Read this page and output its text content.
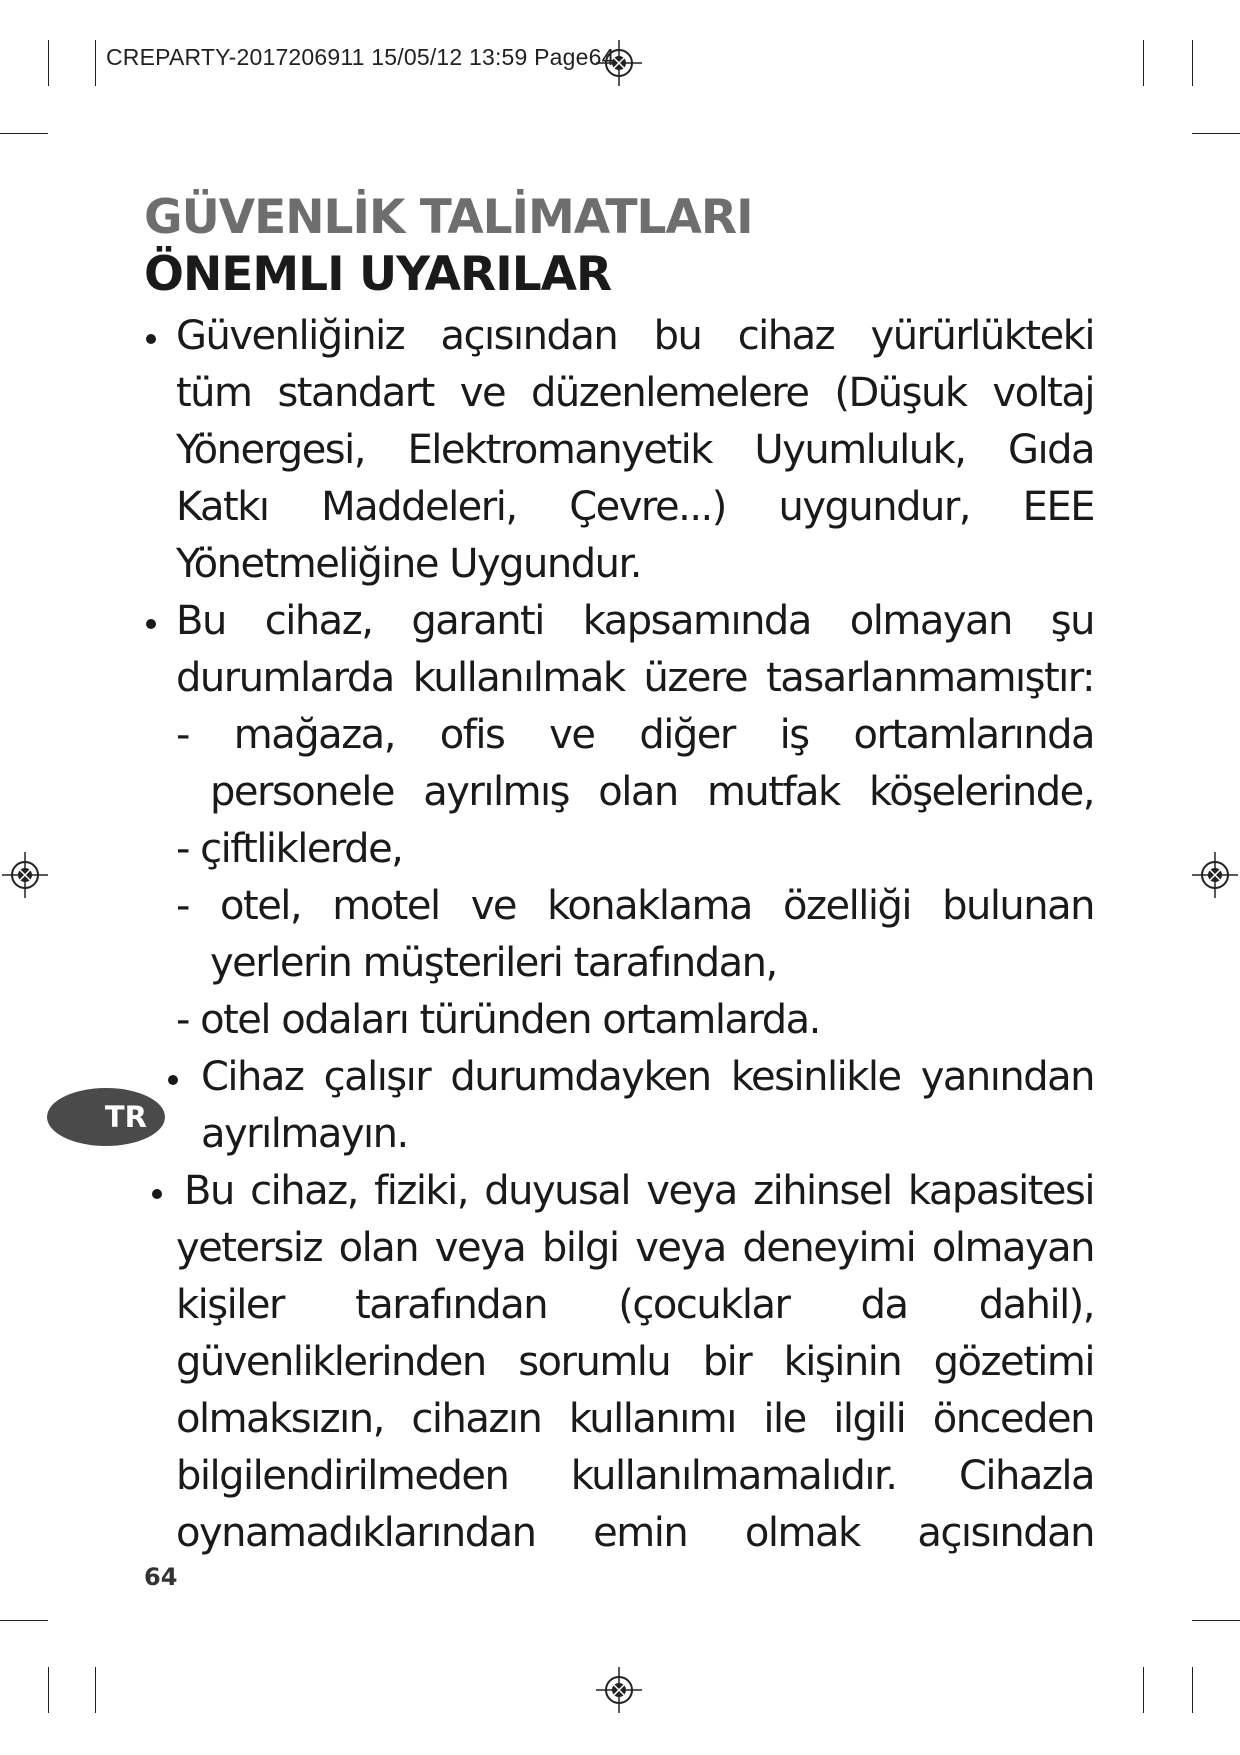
CREPARTY-2017206911 15/05/12 13:59 Page64
GÜVENLİK TALİMATLARI
ÖNEMLI UYARILAR
Güvenliğiniz açısından bu cihaz yürürlükteki
tüm standart ve düzenlemelere (Düşuk voltaj
Yönergesi, Elektromanyetik Uyumluluk, Gıda
Katkı Maddeleri, Çevre...) uygundur, EEE
Yönetmeliğine Uygundur.
Bu cihaz, garanti kapsamında olmayan şu
durumlarda kullanılmak üzere tasarlanmamıştır:
- mağaza, ofis ve diğer iş ortamlarında
personele ayrılmış olan mutfak köşelerinde,
- çiftliklerde,
- otel, motel ve konaklama özelliği bulunan
yerlerin müşterileri tarafından,
- otel odaları türünden ortamlarda.
Cihaz çalışır durumdayken kesinlikle yanından
ayrılmayın.
Bu cihaz, fiziki, duyusal veya zihinsel kapasitesi
yetersiz olan veya bilgi veya deneyimi olmayan
kişiler tarafından (çocuklar da dahil),
güvenliklerinden sorumlu bir kişinin gözetimi
olmaksızın, cihazın kullanımı ile ilgili önceden
bilgilendirilmeden kullanılmamalıdır. Cihazla
oynamadıklarından emin olmak açısından
TR
64
